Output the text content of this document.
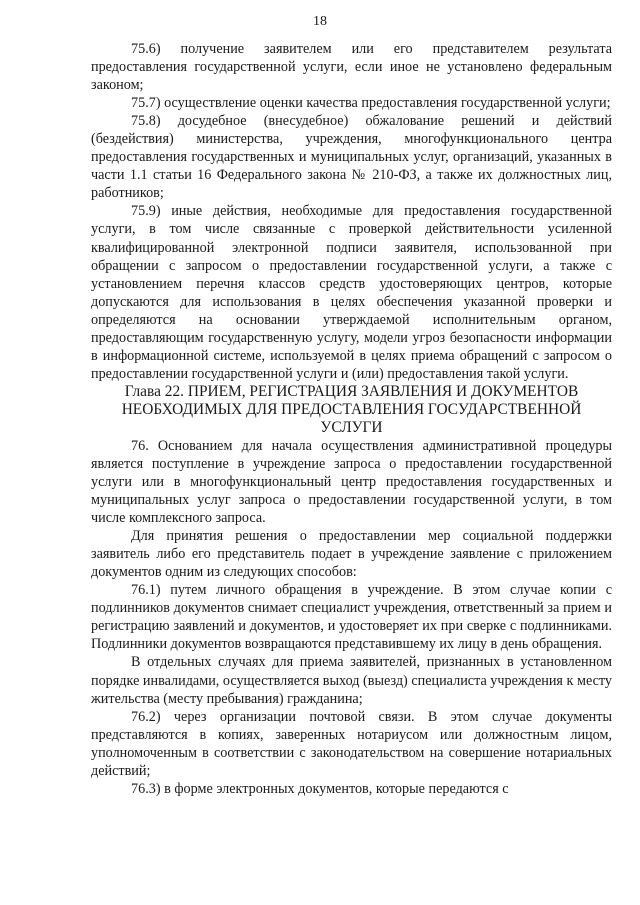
18

75.6) получение заявителем или его представителем результата предоставления государственной услуги, если иное не установлено федеральным законом;

75.7) осуществление оценки качества предоставления государственной услуги;

75.8) досудебное (внесудебное) обжалование решений и действий (бездействия) министерства, учреждения, многофункционального центра предоставления государственных и муниципальных услуг, организаций, указанных в части 1.1 статьи 16 Федерального закона № 210-ФЗ, а также их должностных лиц, работников;

75.9) иные действия, необходимые для предоставления государственной услуги, в том числе связанные с проверкой действительности усиленной квалифицированной электронной подписи заявителя, использованной при обращении с запросом о предоставлении государственной услуги, а также с установлением перечня классов средств удостоверяющих центров, которые допускаются для использования в целях обеспечения указанной проверки и определяются на основании утверждаемой исполнительным органом, предоставляющим государственную услугу, модели угроз безопасности информации в информационной системе, используемой в целях приема обращений с запросом о предоставлении государственной услуги и (или) предоставления такой услуги.

Глава 22. ПРИЕМ, РЕГИСТРАЦИЯ ЗАЯВЛЕНИЯ И ДОКУМЕНТОВ
НЕОБХОДИМЫХ ДЛЯ ПРЕДОСТАВЛЕНИЯ ГОСУДАРСТВЕННОЙ
УСЛУГИ

76. Основанием для начала осуществления административной процедуры является поступление в учреждение запроса о предоставлении государственной услуги или в многофункциональный центр предоставления государственных и муниципальных услуг запроса о предоставлении государственной услуги, в том числе комплексного запроса.

Для принятия решения о предоставлении мер социальной поддержки заявитель либо его представитель подает в учреждение заявление с приложением документов одним из следующих способов:

76.1) путем личного обращения в учреждение. В этом случае копии с подлинников документов снимает специалист учреждения, ответственный за прием и регистрацию заявлений и документов, и удостоверяет их при сверке с подлинниками. Подлинники документов возвращаются представившему их лицу в день обращения.

В отдельных случаях для приема заявителей, признанных в установленном порядке инвалидами, осуществляется выход (выезд) специалиста учреждения к месту жительства (месту пребывания) гражданина;

76.2) через организации почтовой связи. В этом случае документы представляются в копиях, заверенных нотариусом или должностным лицом, уполномоченным в соответствии с законодательством на совершение нотариальных действий;

76.3) в форме электронных документов, которые передаются с
